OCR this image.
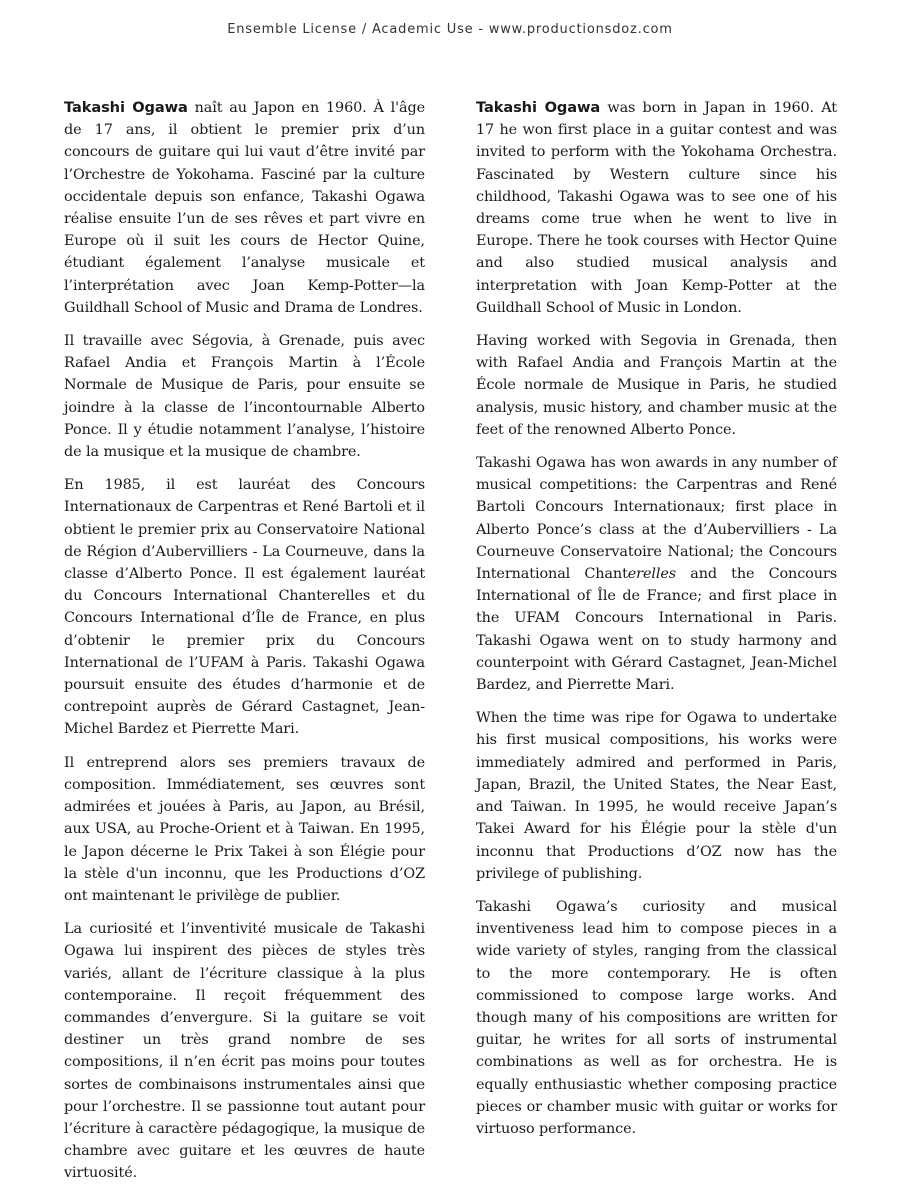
Ensemble License / Academic Use - www.productionsdoz.com

Takashi Ogawa naît au Japon en 1960. À l'âge de 17 ans, il obtient le premier prix d’un concours de guitare qui lui vaut d’être invité par l’Orchestre de Yokohama. Fasciné par la culture occidentale depuis son enfance, Takashi Ogawa réalise ensuite l’un de ses rêves et part vivre en Europe où il suit les cours de Hector Quine, étudiant également l’analyse musicale et l’interprétation avec Joan Kemp-Potter—la Guildhall School of Music and Drama de Londres.

Il travaille avec Ségovia, à Grenade, puis avec Rafael Andia et François Martin à l’École Normale de Musique de Paris, pour ensuite se joindre à la classe de l’incontournable Alberto Ponce. Il y étudie notamment l’analyse, l’histoire de la musique et la musique de chambre.

En 1985, il est lauréat des Concours Internationaux de Carpentras et René Bartoli et il obtient le premier prix au Conservatoire National de Région d’Aubervilliers - La Courneuve, dans la classe d’Alberto Ponce. Il est également lauréat du Concours International Chanterelles et du Concours International d’Île de France, en plus d’obtenir le premier prix du Concours International de l’UFAM à Paris. Takashi Ogawa poursuit ensuite des études d’harmonie et de contrepoint auprès de Gérard Castagnet, Jean-Michel Bardez et Pierrette Mari.

Il entreprend alors ses premiers travaux de composition. Immédiatement, ses œuvres sont admirées et jouées à Paris, au Japon, au Brésil, aux USA, au Proche-Orient et à Taiwan. En 1995, le Japon décerne le Prix Takei à son Élégie pour la stèle d'un inconnu, que les Productions d’OZ ont maintenant le privilège de publier.

La curiosité et l’inventivité musicale de Takashi Ogawa lui inspirent des pièces de styles très variés, allant de l’écriture classique à la plus contemporaine. Il reçoit fréquemment des commandes d’envergure. Si la guitare se voit destiner un très grand nombre de ses compositions, il n’en écrit pas moins pour toutes sortes de combinaisons instrumentales ainsi que pour l’orchestre. Il se passionne tout autant pour l’écriture à caractère pédagogique, la musique de chambre avec guitare et les œuvres de haute virtuosité.

Takashi Ogawa was born in Japan in 1960. At 17 he won first place in a guitar contest and was invited to perform with the Yokohama Orchestra. Fascinated by Western culture since his childhood, Takashi Ogawa was to see one of his dreams come true when he went to live in Europe. There he took courses with Hector Quine and also studied musical analysis and interpretation with Joan Kemp-Potter at the Guildhall School of Music in London.

Having worked with Segovia in Grenada, then with Rafael Andia and François Martin at the École normale de Musique in Paris, he studied analysis, music history, and chamber music at the feet of the renowned Alberto Ponce.

Takashi Ogawa has won awards in any number of musical competitions: the Carpentras and René Bartoli Concours Internationaux; first place in Alberto Ponce’s class at the d’Aubervilliers - La Courneuve Conservatoire National; the Concours International Chanterelles and the Concours International of Île de France; and first place in the UFAM Concours International in Paris. Takashi Ogawa went on to study harmony and counterpoint with Gérard Castagnet, Jean-Michel Bardez, and Pierrette Mari.

When the time was ripe for Ogawa to undertake his first musical compositions, his works were immediately admired and performed in Paris, Japan, Brazil, the United States, the Near East, and Taiwan. In 1995, he would receive Japan’s Takei Award for his Élégie pour la stèle d'un inconnu that Productions d’OZ now has the privilege of publishing.

Takashi Ogawa’s curiosity and musical inventiveness lead him to compose pieces in a wide variety of styles, ranging from the classical to the more contemporary. He is often commissioned to compose large works. And though many of his compositions are written for guitar, he writes for all sorts of instrumental combinations as well as for orchestra. He is equally enthusiastic whether composing practice pieces or chamber music with guitar or works for virtuoso performance.
